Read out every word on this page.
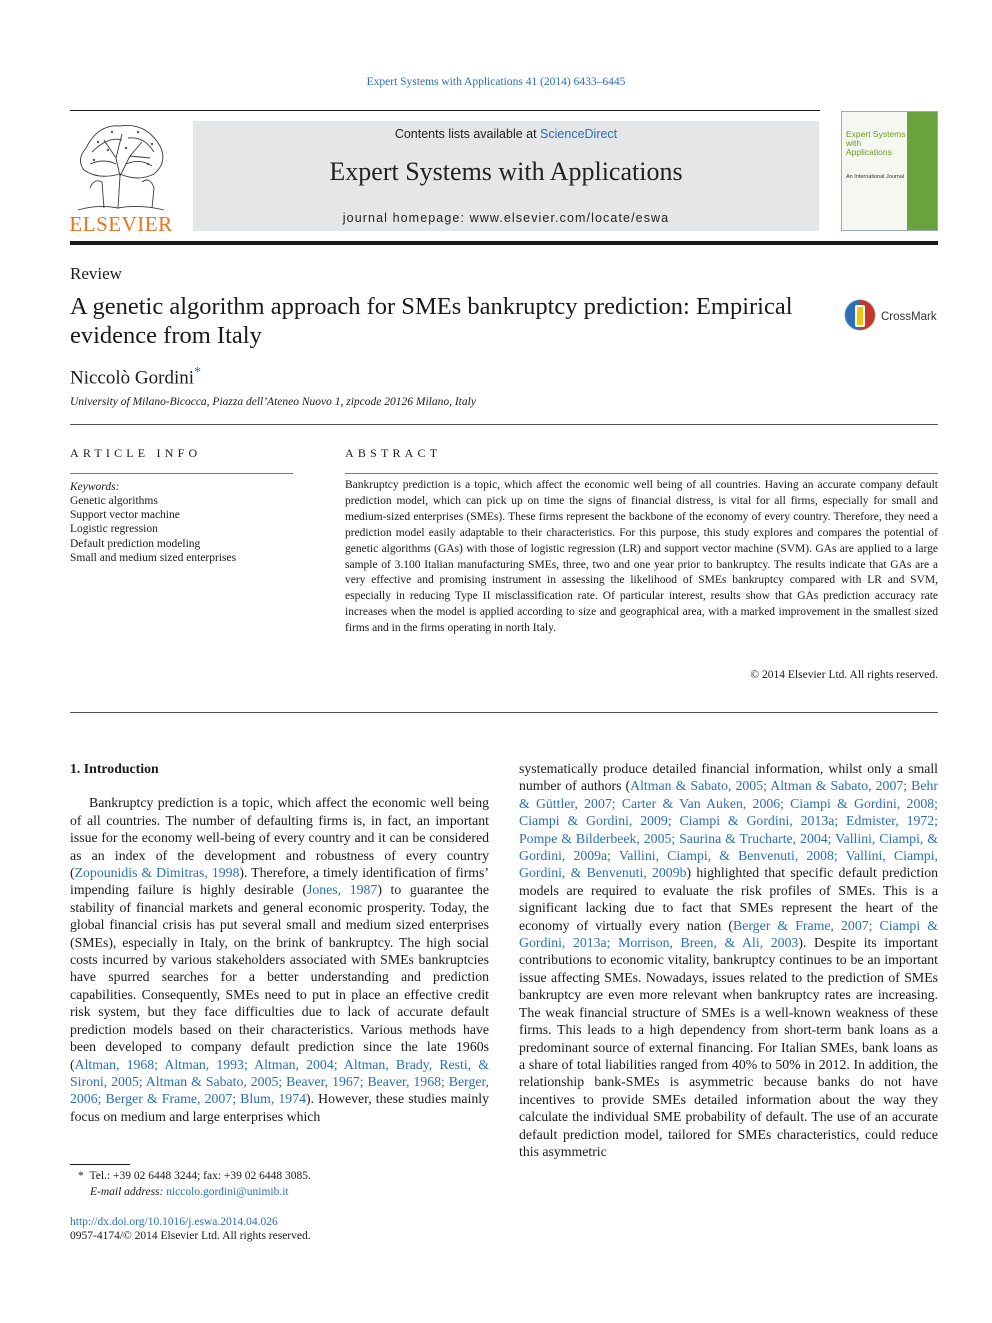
Expert Systems with Applications 41 (2014) 6433–6445
ELSEVIER
Contents lists available at ScienceDirect
Expert Systems with Applications
journal homepage: www.elsevier.com/locate/eswa
Expert Systems with Applications
An International Journal
Review
A genetic algorithm approach for SMEs bankruptcy prediction: Empirical evidence from Italy
CrossMark
Niccolò Gordini*
University of Milano-Bicocca, Piazza dell’Ateneo Nuovo 1, zipcode 20126 Milano, Italy
ARTICLE INFO
Keywords:
Genetic algorithms
Support vector machine
Logistic regression
Default prediction modeling
Small and medium sized enterprises
ABSTRACT

Bankruptcy prediction is a topic, which affect the economic well being of all countries. Having an accurate company default prediction model, which can pick up on time the signs of financial distress, is vital for all firms, especially for small and medium-sized enterprises (SMEs). These firms represent the backbone of the economy of every country. Therefore, they need a prediction model easily adaptable to their characteristics. For this purpose, this study explores and compares the potential of genetic algorithms (GAs) with those of logistic regression (LR) and support vector machine (SVM). GAs are applied to a large sample of 3.100 Italian manufacturing SMEs, three, two and one year prior to bankruptcy. The results indicate that GAs are a very effective and promising instrument in assessing the likelihood of SMEs bankruptcy compared with LR and SVM, especially in reducing Type II misclassification rate. Of particular interest, results show that GAs prediction accuracy rate increases when the model is applied according to size and geographical area, with a marked improvement in the smallest sized firms and in the firms operating in north Italy.

© 2014 Elsevier Ltd. All rights reserved.
1. Introduction

Bankruptcy prediction is a topic, which affect the economic well being of all countries. The number of defaulting firms is, in fact, an important issue for the economy well-being of every country and it can be considered as an index of the development and robustness of every country (Zopounidis & Dimitras, 1998). Therefore, a timely identification of firms’ impending failure is highly desirable (Jones, 1987) to guarantee the stability of financial markets and general economic prosperity. Today, the global financial crisis has put several small and medium sized enterprises (SMEs), especially in Italy, on the brink of bankruptcy. The high social costs incurred by various stakeholders associated with SMEs bankruptcies have spurred searches for a better understanding and prediction capabilities. Consequently, SMEs need to put in place an effective credit risk system, but they face difficulties due to lack of accurate default prediction models based on their characteristics. Various methods have been developed to company default prediction since the late 1960s (Altman, 1968; Altman, 1993; Altman, 2004; Altman, Brady, Resti, & Sironi, 2005; Altman & Sabato, 2005; Beaver, 1967; Beaver, 1968; Berger, 2006; Berger & Frame, 2007; Blum, 1974). However, these studies mainly focus on medium and large enterprises which

systematically produce detailed financial information, whilst only a small number of authors (Altman & Sabato, 2005; Altman & Sabato, 2007; Behr & Güttler, 2007; Carter & Van Auken, 2006; Ciampi & Gordini, 2008; Ciampi & Gordini, 2009; Ciampi & Gordini, 2013a; Edmister, 1972; Pompe & Bilderbeek, 2005; Saurina & Trucharte, 2004; Vallini, Ciampi, & Gordini, 2009a; Vallini, Ciampi, & Benvenuti, 2008; Vallini, Ciampi, Gordini, & Benvenuti, 2009b) highlighted that specific default prediction models are required to evaluate the risk profiles of SMEs. This is a significant lacking due to fact that SMEs represent the heart of the economy of virtually every nation (Berger & Frame, 2007; Ciampi & Gordini, 2013a; Morrison, Breen, & Ali, 2003). Despite its important contributions to economic vitality, bankruptcy continues to be an important issue affecting SMEs. Nowadays, issues related to the prediction of SMEs bankruptcy are even more relevant when bankruptcy rates are increasing. The weak financial structure of SMEs is a well-known weakness of these firms. This leads to a high dependency from short-term bank loans as a predominant source of external financing. For Italian SMEs, bank loans as a share of total liabilities ranged from 40% to 50% in 2012. In addition, the relationship bank-SMEs is asymmetric because banks do not have incentives to provide SMEs detailed information about the way they calculate the individual SME probability of default. The use of an accurate default prediction model, tailored for SMEs characteristics, could reduce this asymmetric

* Tel.: +39 02 6448 3244; fax: +39 02 6448 3085.
E-mail address: niccolo.gordini@unimib.it
http://dx.doi.org/10.1016/j.eswa.2014.04.026
0957-4174/© 2014 Elsevier Ltd. All rights reserved.
